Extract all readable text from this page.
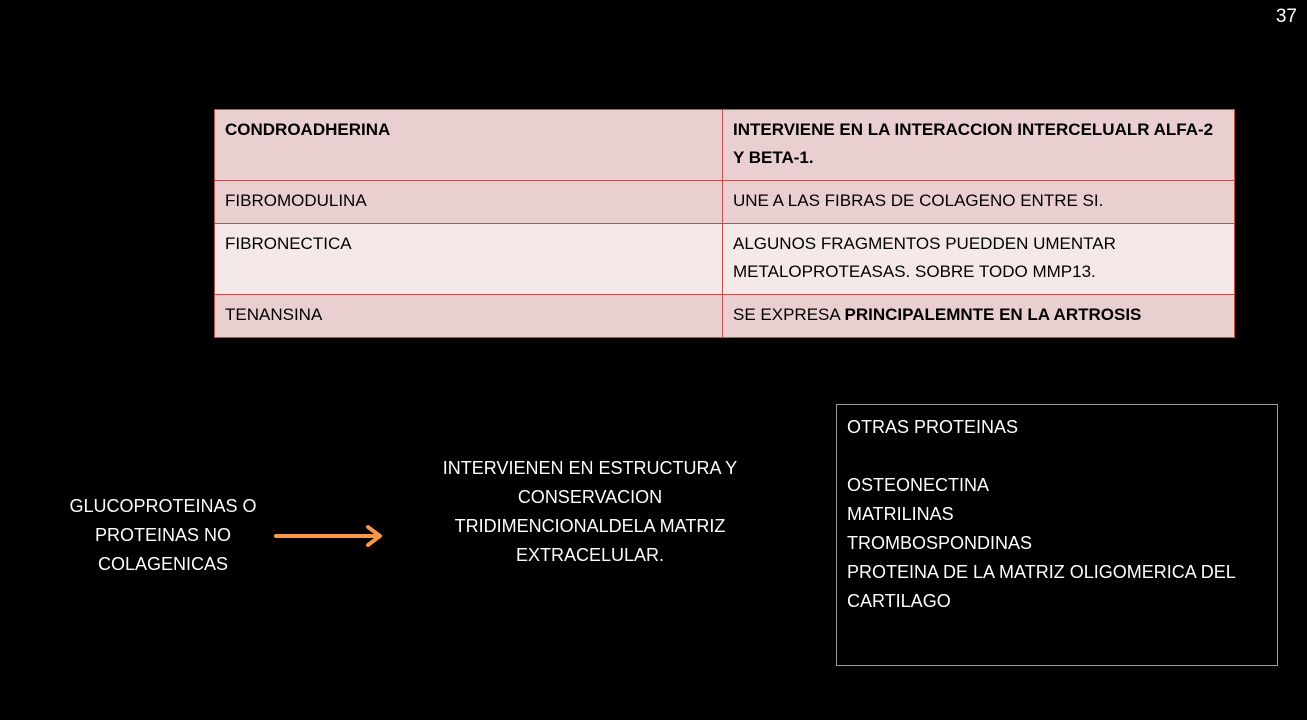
37
CONDROADHERINA	INTERVIENE EN LA INTERACCION INTERCELUALR ALFA-2 Y BETA-1.
FIBROMODULINA	UNE A LAS FIBRAS DE COLAGENO ENTRE SI.
FIBRONECTICA	ALGUNOS FRAGMENTOS PUEDDEN UMENTAR METALOPROTEASAS. SOBRE TODO MMP13.
TENANSINA	SE EXPRESA PRINCIPALEMNTE EN LA ARTROSIS
GLUCOPROTEINAS O PROTEINAS NO COLAGENICAS
INTERVIENEN EN ESTRUCTURA Y CONSERVACION TRIDIMENCIONALDELA MATRIZ EXTRACELULAR.
OTRAS PROTEINAS
OSTEONECTINA
MATRILINAS
TROMBOSPONDINAS
PROTEINA DE LA MATRIZ OLIGOMERICA DEL CARTILAGO
